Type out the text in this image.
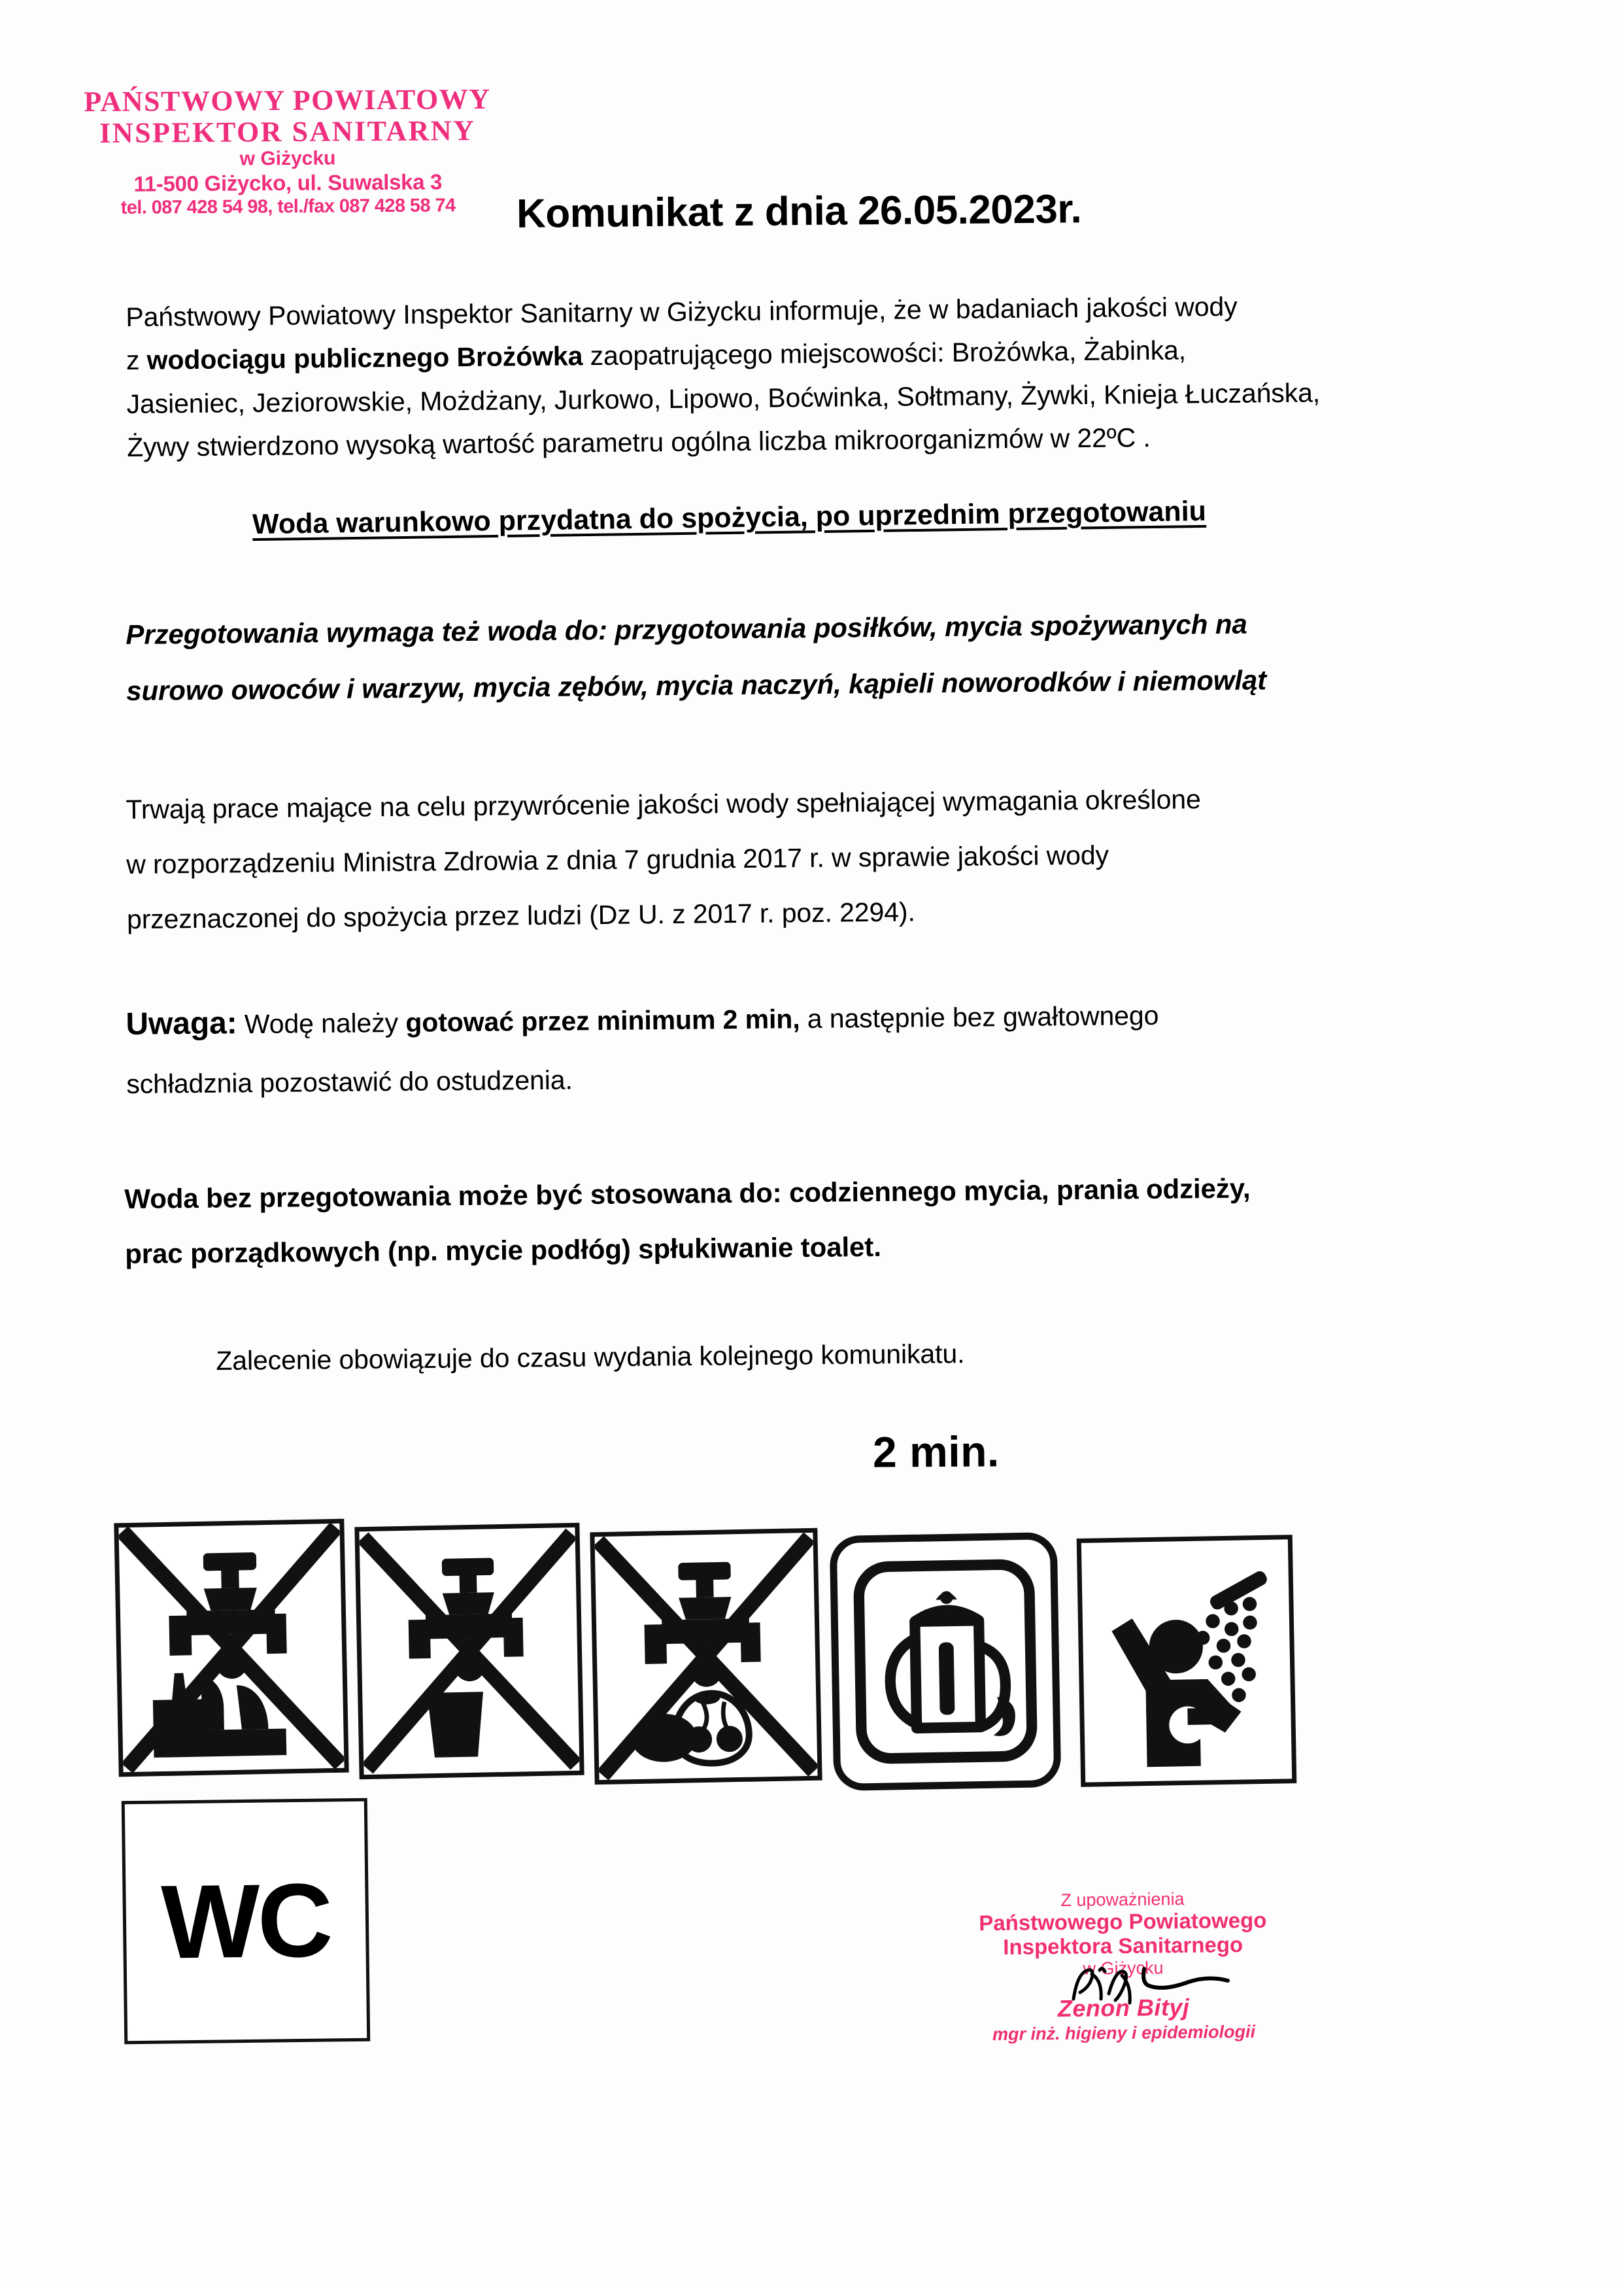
PAŃSTWOWY POWIATOWY
INSPEKTOR SANITARNY
w Giżycku
11-500 Giżycko, ul. Suwalska 3
tel. 087 428 54 98, tel./fax 087 428 58 74	Komunikat z dnia 26.05.2023r.
Państwowy Powiatowy Inspektor Sanitarny w Giżycku informuje, że w badaniach jakości wody
z wodociągu publicznego Brożówka zaopatrującego miejscowości: Brożówka, Żabinka,
Jasieniec, Jeziorowskie, Możdżany, Jurkowo, Lipowo, Boćwinka, Sołtmany, Żywki, Knieja Łuczańska,
Żywy stwierdzono wysoką wartość parametru ogólna liczba mikroorganizmów w 22ºC .
Woda warunkowo przydatna do spożycia, po uprzednim przegotowaniu
Przegotowania wymaga też woda do: przygotowania posiłków, mycia spożywanych na
surowo owoców i warzyw, mycia zębów, mycia naczyń, kąpieli noworodków i niemowląt
Trwają prace mające na celu przywrócenie jakości wody spełniającej wymagania określone
w rozporządzeniu Ministra Zdrowia z dnia 7 grudnia 2017 r. w sprawie jakości wody
przeznaczonej do spożycia przez ludzi (Dz U. z 2017 r. poz. 2294).
Uwaga: Wodę należy gotować przez minimum 2 min, a następnie bez gwałtownego
schładznia pozostawić do ostudzenia.
Woda bez przegotowania może być stosowana do: codziennego mycia, prania odzieży,
prac porządkowych (np. mycie podłóg) spłukiwanie toalet.
Zalecenie obowiązuje do czasu wydania kolejnego komunikatu.
2 min.
WC	Z upoważnienia
Państwowego Powiatowego
Inspektora Sanitarnego
w Giżycku
Zenon Bityj
mgr inż. higieny i epidemiologii
